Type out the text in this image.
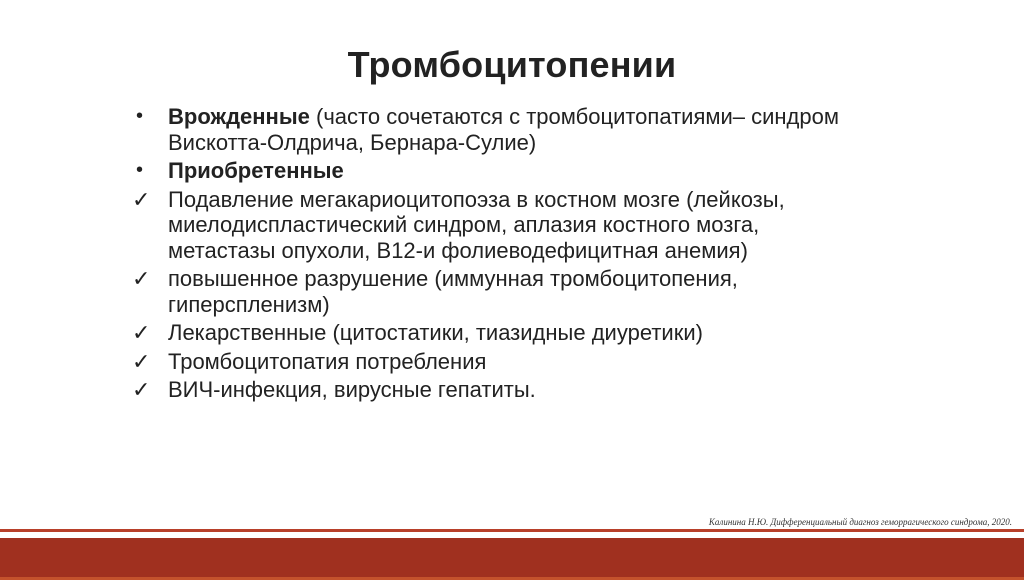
Тромбоцитопении
•	Врожденные (часто сочетаются с тромбоцитопатиями– синдром Вискотта-Олдрича, Бернара-Сулие)
•	Приобретенные
✓ Подавление мегакариоцитопоэза в костном мозге (лейкозы, миелодиспластический синдром, аплазия костного мозга, метастазы опухоли, В12-и фолиеводефицитная анемия)
✓ повышенное разрушение (иммунная тромбоцитопения, гиперспленизм)
✓ Лекарственные (цитостатики, тиазидные диуретики)
✓ Тромбоцитопатия потребления
✓ ВИЧ-инфекция, вирусные гепатиты.
Калинина Н.Ю. Дифференциальный диагноз геморрагического синдрома, 2020.
